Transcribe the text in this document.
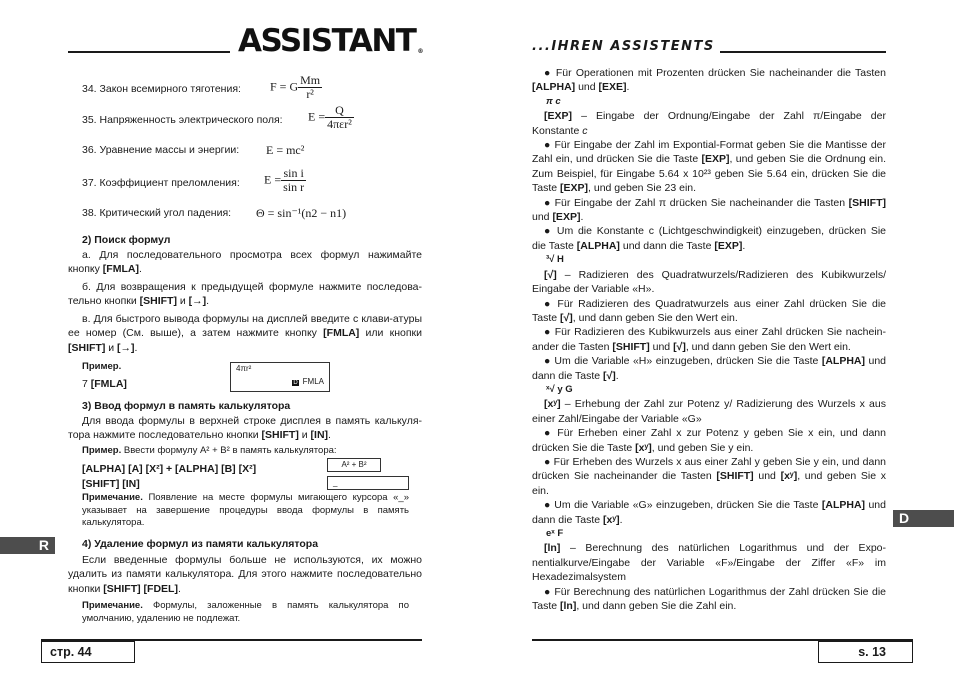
ASSISTANT ®	...IHREN ASSISTENTS
34. Закон всемирного тяготения: F = G $\frac{Mm}{\text{r²}}$
35. Напряженность электрического поля: $E = \frac{Q}{\text{4πεr²}}$
36. Уравнение массы и энергии: E = mc²
37. Коэффициент преломления: $E = \frac{\text{sin i}}{\text{sin r}}$
38. Критический угол падения: Θ = sin⁻¹(n2 − n1)
2) Поиск формул
а. Для последовательного просмотра всех формул нажимайте кнопку [FMLA].
б. Для возвращения к предыдущей формуле нажмите последова-тельно кнопки [SHIFT] и [→].
в. Для быстрого вывода формулы на дисплей введите с клави-атуры ее номер (См. выше), а затем нажмите кнопку [FMLA] или кнопки [SHIFT] и [→].
Пример.
7 [FMLA]
4πr²
D FMLA
3) Ввод формул в память калькулятора
Для ввода формулы в верхней строке дисплея в память калькуля-тора нажмите последовательно кнопки [SHIFT] и [IN].
Пример. Ввести формулу A² + B² в память калькулятора:
[ALPHA] [A] [X²] + [ALPHA] [B] [X²]
[SHIFT] [IN]
A² + B²
_
Примечание. Появление на месте формулы мигающего курсора «_» указывает на завершение процедуры ввода формулы в память калькулятора.
R	4) Удаление формул из памяти калькулятора
Если введенные формулы больше не используются, их можно удалить из памяти калькулятора. Для этого нажмите последовательно кнопки [SHIFT] [FDEL].
Примечание. Формулы, заложенные в память калькулятора по умолчанию, удалению не подлежат.
стр. 44
● Für Operationen mit Prozenten drücken Sie nacheinander die Tasten [ALPHA] und [EXE].
π c
[EXP] – Eingabe der Ordnung/Eingabe der Zahl π/Eingabe der Konstante c
● Für Eingabe der Zahl im Expontial-Format geben Sie die Mantisse der Zahl ein, und drücken Sie die Taste [EXP], und geben Sie die Ordnung ein. Zum Beispiel, für Eingabe 5.64 x 10²³ geben Sie 5.64 ein, drücken Sie die Taste [EXP], und geben Sie 23 ein.
● Für Eingabe der Zahl π drücken Sie nacheinander die Tasten [SHIFT] und [EXP].
● Um die Konstante c (Lichtgeschwindigkeit) einzugeben, drücken Sie die Taste [ALPHA] und dann die Taste [EXP].
³√ H
[√] – Radizieren des Quadratwurzels/Radizieren des Kubikwurzels/ Eingabe der Variable «H».
● Für Radizieren des Quadratwurzels aus einer Zahl drücken Sie die Taste [√], und dann geben Sie den Wert ein.
● Für Radizieren des Kubikwurzels aus einer Zahl drücken Sie nachein-ander die Tasten [SHIFT] und [√], und dann geben Sie den Wert ein.
● Um die Variable «H» einzugeben, drücken Sie die Taste [ALPHA] und dann die Taste [√].
ˣ√ y G
[xʸ] – Erhebung der Zahl zur Potenz y/ Radizierung des Wurzels x aus einer Zahl/Eingabe der Variable «G»
● Für Erheben einer Zahl x zur Potenz y geben Sie x ein, und dann drücken Sie die Taste [xʸ], und geben Sie y ein.
● Für Erheben des Wurzels x aus einer Zahl y geben Sie y ein, und dann drücken Sie nacheinander die Tasten [SHIFT] und [xʸ], und geben Sie x ein.
● Um die Variable «G» einzugeben, drücken Sie die Taste [ALPHA] und dann die Taste [xʸ].
eˣ F
[ln] – Berechnung des natürlichen Logarithmus und der Expo-nentialkurve/Eingabe der Variable «F»/Eingabe der Ziffer «F» im Hexadezimalsystem
● Für Berechnung des natürlichen Logarithmus der Zahl drücken Sie die Taste [ln], und dann geben Sie die Zahl ein.
D
s. 13
